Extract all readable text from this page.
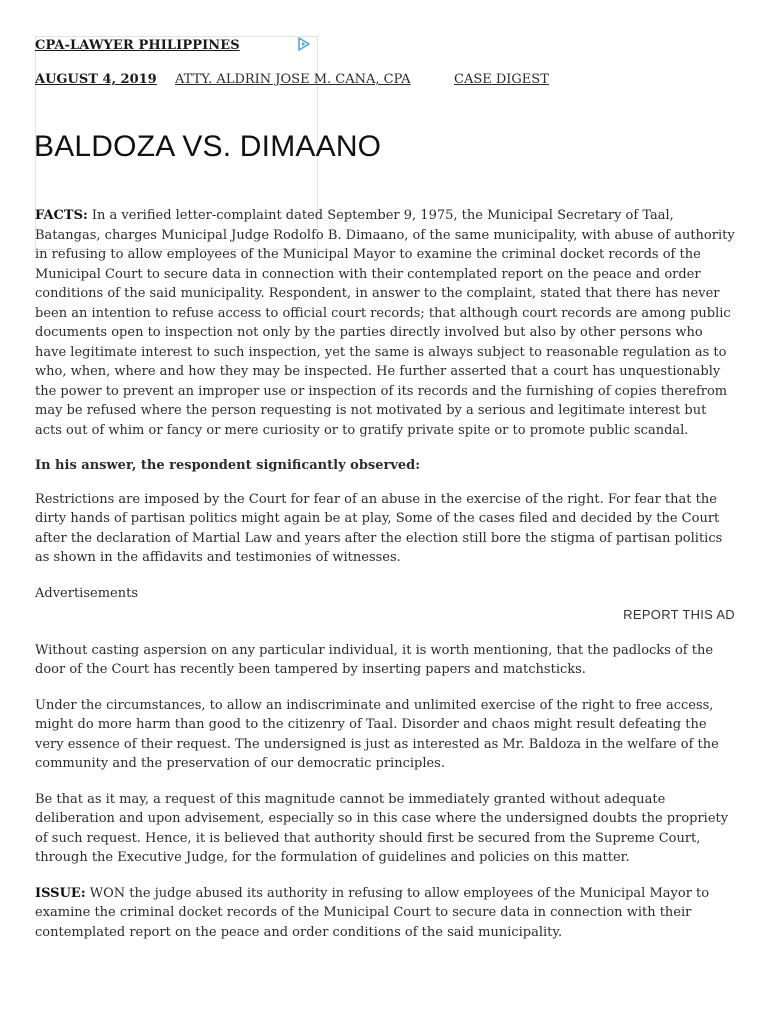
CPA-LAWYER PHILIPPINES
AUGUST 4, 2019 ATTY. ALDRIN JOSE M. CANA, CPA	CASE DIGEST
BALDOZA VS. DIMAANO

FACTS: In a verified letter-complaint dated September 9, 1975, the Municipal Secretary of Taal, Batangas, charges Municipal Judge Rodolfo B. Dimaano, of the same municipality, with abuse of authority in refusing to allow employees of the Municipal Mayor to examine the criminal docket records of the Municipal Court to secure data in connection with their contemplated report on the peace and order conditions of the said municipality. Respondent, in answer to the complaint, stated that there has never been an intention to refuse access to official court records; that although court records are among public documents open to inspection not only by the parties directly involved but also by other persons who have legitimate interest to such inspection, yet the same is always subject to reasonable regulation as to who, when, where and how they may be inspected. He further asserted that a court has unquestionably the power to prevent an improper use or inspection of its records and the furnishing of copies therefrom may be refused where the person requesting is not motivated by a serious and legitimate interest but acts out of whim or fancy or mere curiosity or to gratify private spite or to promote public scandal.

In his answer, the respondent significantly observed:

Restrictions are imposed by the Court for fear of an abuse in the exercise of the right. For fear that the dirty hands of partisan politics might again be at play, Some of the cases filed and decided by the Court after the declaration of Martial Law and years after the election still bore the stigma of partisan politics as shown in the affidavits and testimonies of witnesses.

Advertisements

REPORT THIS AD

Without casting aspersion on any particular individual, it is worth mentioning, that the padlocks of the door of the Court has recently been tampered by inserting papers and matchsticks.

Under the circumstances, to allow an indiscriminate and unlimited exercise of the right to free access, might do more harm than good to the citizenry of Taal. Disorder and chaos might result defeating the very essence of their request. The undersigned is just as interested as Mr. Baldoza in the welfare of the community and the preservation of our democratic principles.

Be that as it may, a request of this magnitude cannot be immediately granted without adequate deliberation and upon advisement, especially so in this case where the undersigned doubts the propriety of such request. Hence, it is believed that authority should first be secured from the Supreme Court, through the Executive Judge, for the formulation of guidelines and policies on this matter.

ISSUE: WON the judge abused its authority in refusing to allow employees of the Municipal Mayor to examine the criminal docket records of the Municipal Court to secure data in connection with their contemplated report on the peace and order conditions of the said municipality.
